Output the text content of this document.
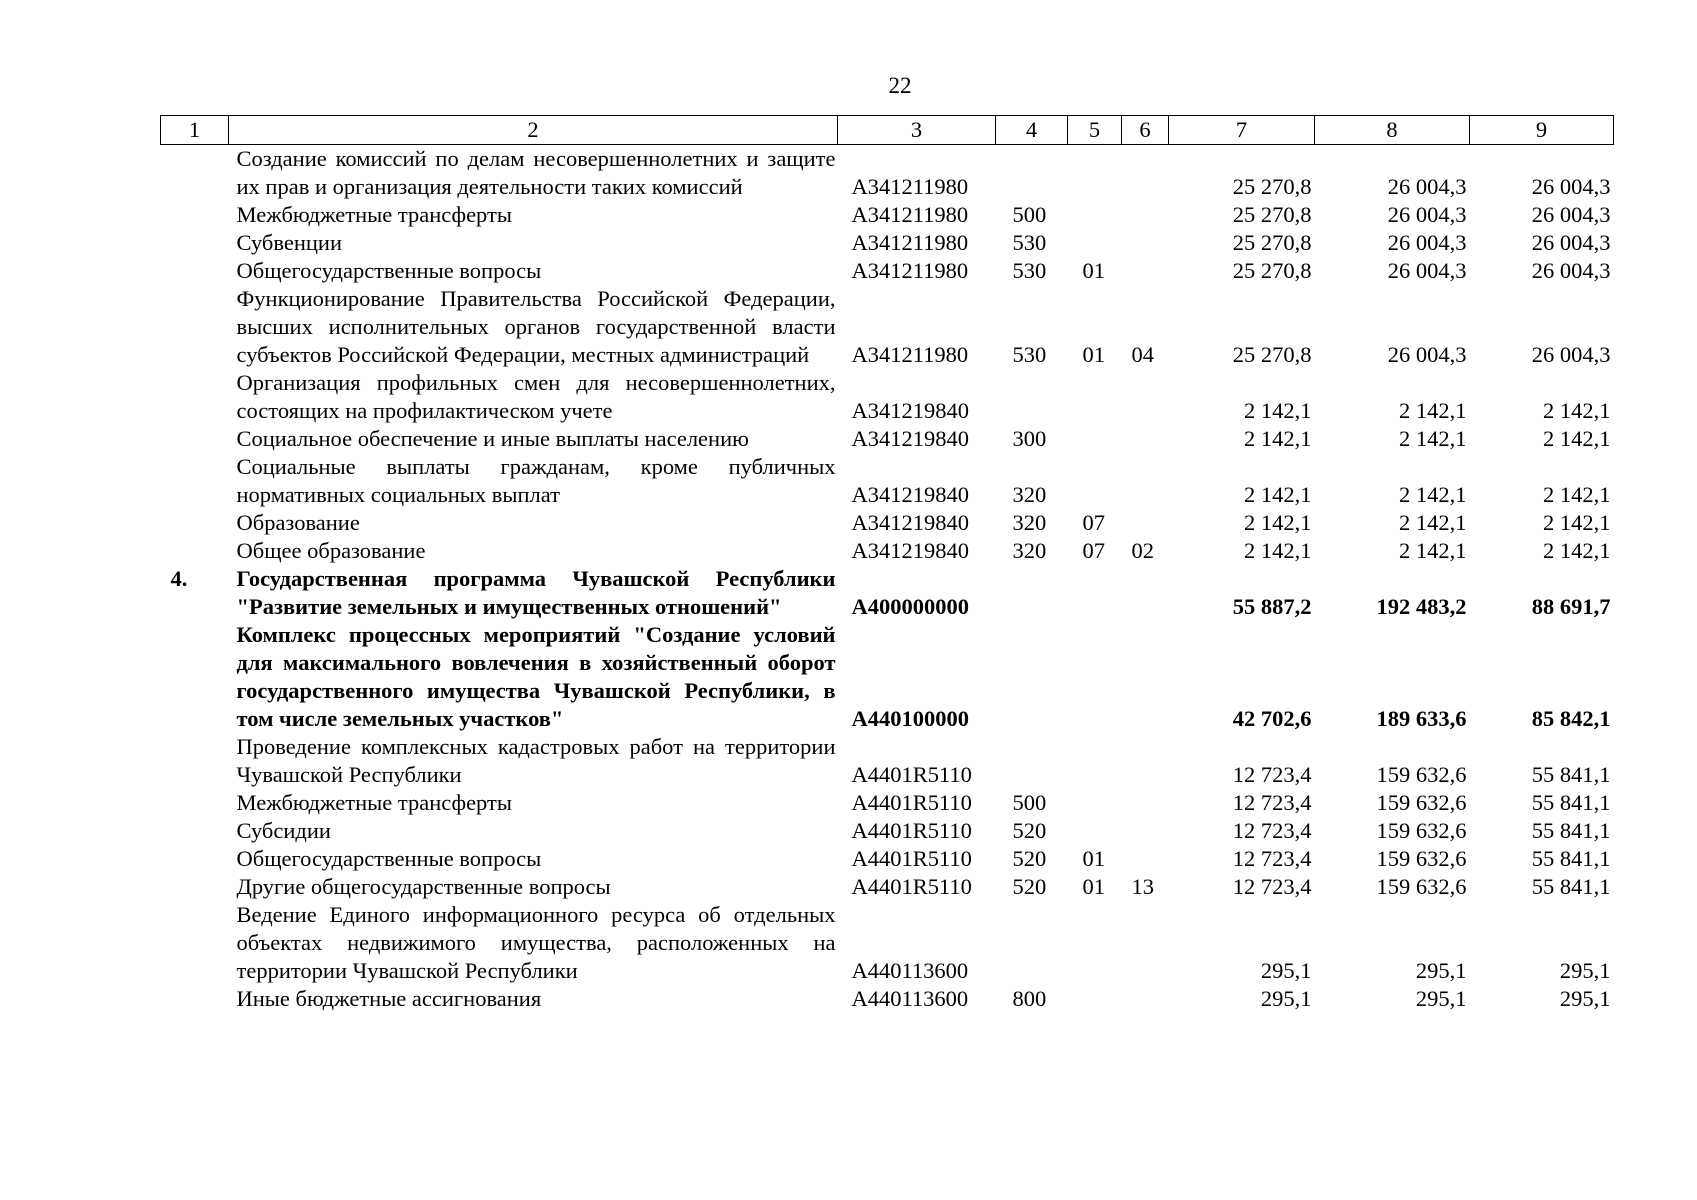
22
1	2	3	4	5	6	7	8	9
	Создание комиссий по делам несовершеннолетних и защите их прав и организация деятельности таких комиссий	А341211980				25 270,8	26 004,3	26 004,3
	Межбюджетные трансферты	А341211980	500			25 270,8	26 004,3	26 004,3
	Субвенции	А341211980	530			25 270,8	26 004,3	26 004,3
	Общегосударственные вопросы	А341211980	530	01		25 270,8	26 004,3	26 004,3
	Функционирование Правительства Российской Федерации, высших исполнительных органов государственной власти субъектов Российской Федерации, местных администраций	А341211980	530	01	04	25 270,8	26 004,3	26 004,3
	Организация профильных смен для несовершеннолетних, состоящих на профилактическом учете	А341219840				2 142,1	2 142,1	2 142,1
	Социальное обеспечение и иные выплаты населению	А341219840	300			2 142,1	2 142,1	2 142,1
	Социальные выплаты гражданам, кроме публичных нормативных социальных выплат	А341219840	320			2 142,1	2 142,1	2 142,1
	Образование	А341219840	320	07		2 142,1	2 142,1	2 142,1
	Общее образование	А341219840	320	07	02	2 142,1	2 142,1	2 142,1
4.	Государственная программа Чувашской Республики "Развитие земельных и имущественных отношений"	А400000000				55 887,2	192 483,2	88 691,7
	Комплекс процессных мероприятий "Создание условий для максимального вовлечения в хозяйственный оборот государственного имущества Чувашской Республики, в том числе земельных участков"	А440100000				42 702,6	189 633,6	85 842,1
	Проведение комплексных кадастровых работ на территории Чувашской Республики	А4401R5110				12 723,4	159 632,6	55 841,1
	Межбюджетные трансферты	А4401R5110	500			12 723,4	159 632,6	55 841,1
	Субсидии	А4401R5110	520			12 723,4	159 632,6	55 841,1
	Общегосударственные вопросы	А4401R5110	520	01		12 723,4	159 632,6	55 841,1
	Другие общегосударственные вопросы	А4401R5110	520	01	13	12 723,4	159 632,6	55 841,1
	Ведение Единого информационного ресурса об отдельных объектах недвижимого имущества, расположенных на территории Чувашской Республики	А440113600				295,1	295,1	295,1
	Иные бюджетные ассигнования	А440113600	800			295,1	295,1	295,1
